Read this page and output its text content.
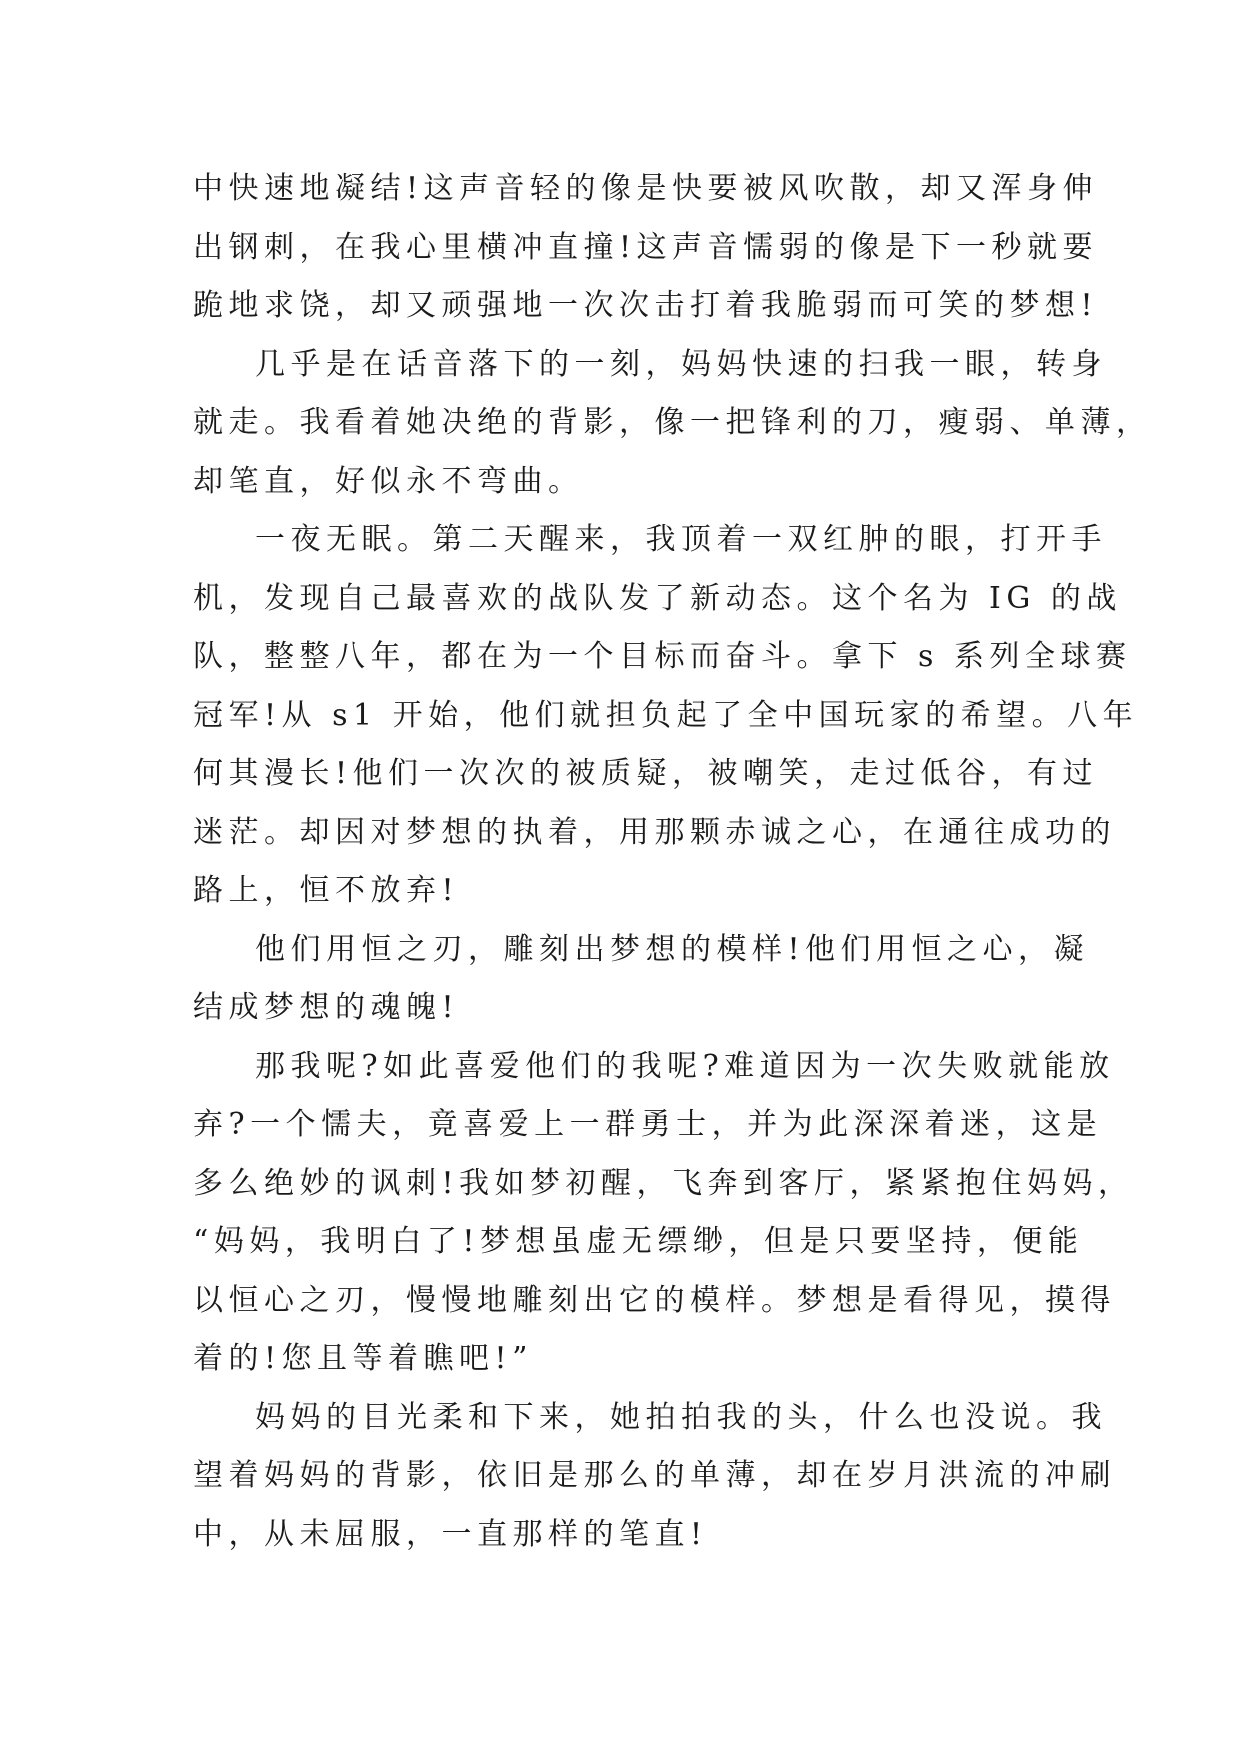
中快速地凝结!这声音轻的像是快要被风吹散，却又浑身伸
出钢刺，在我心里横冲直撞!这声音懦弱的像是下一秒就要
跪地求饶，却又顽强地一次次击打着我脆弱而可笑的梦想!
几乎是在话音落下的一刻，妈妈快速的扫我一眼，转身
就走。我看着她决绝的背影，像一把锋利的刀，瘦弱、单薄，
却笔直，好似永不弯曲。
一夜无眠。第二天醒来，我顶着一双红肿的眼，打开手
机，发现自己最喜欢的战队发了新动态。这个名为 IG 的战
队，整整八年，都在为一个目标而奋斗。拿下 s 系列全球赛
冠军!从 s1 开始，他们就担负起了全中国玩家的希望。八年
何其漫长!他们一次次的被质疑，被嘲笑，走过低谷，有过
迷茫。却因对梦想的执着，用那颗赤诚之心，在通往成功的
路上，恒不放弃!
他们用恒之刃，雕刻出梦想的模样!他们用恒之心，凝
结成梦想的魂魄!
那我呢?如此喜爱他们的我呢?难道因为一次失败就能放
弃?一个懦夫，竟喜爱上一群勇士，并为此深深着迷，这是
多么绝妙的讽刺!我如梦初醒，飞奔到客厅，紧紧抱住妈妈，
“妈妈，我明白了!梦想虽虚无缥缈，但是只要坚持，便能
以恒心之刃，慢慢地雕刻出它的模样。梦想是看得见，摸得
着的!您且等着瞧吧!”
妈妈的目光柔和下来，她拍拍我的头，什么也没说。我
望着妈妈的背影，依旧是那么的单薄，却在岁月洪流的冲刷
中，从未屈服，一直那样的笔直!
